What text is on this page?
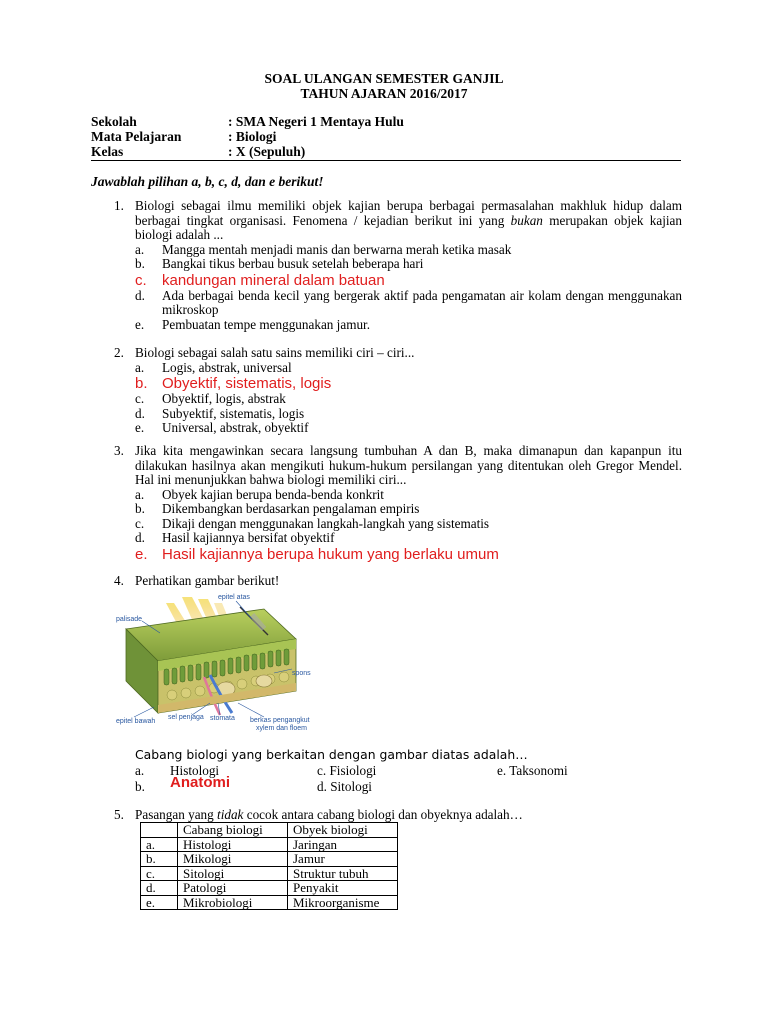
SOAL ULANGAN SEMESTER GANJIL
TAHUN AJARAN 2016/2017
Sekolah	: SMA Negeri 1 Mentaya Hulu
Mata Pelajaran	: Biologi
Kelas	: X (Sepuluh)
Jawablah pilihan a, b, c, d, dan e berikut!
1. Biologi sebagai ilmu memiliki objek kajian berupa berbagai permasalahan makhluk hidup dalam berbagai tingkat organisasi. Fenomena / kejadian berikut ini yang bukan merupakan objek kajian biologi adalah ...
a. Mangga mentah menjadi manis dan berwarna merah ketika masak
b. Bangkai tikus berbau busuk setelah beberapa hari
c.	kandungan mineral dalam batuan
d. Ada berbagai benda kecil yang bergerak aktif pada pengamatan air kolam dengan menggunakan mikroskop
e. Pembuatan tempe menggunakan jamur.
2. Biologi sebagai salah satu sains memiliki ciri – ciri...
a. Logis, abstrak, universal
b. Obyektif, sistematis, logis
c. Obyektif, logis, abstrak
d. Subyektif, sistematis, logis
e. Universal, abstrak, obyektif
3. Jika kita mengawinkan secara langsung tumbuhan A dan B, maka dimanapun dan kapanpun itu dilakukan hasilnya akan mengikuti hukum-hukum persilangan yang ditentukan oleh Gregor Mendel. Hal ini menunjukkan bahwa biologi memiliki ciri...
a. Obyek kajian berupa benda-benda konkrit
b. Dikembangkan berdasarkan pengalaman empiris
c. Dikaji dengan menggunakan langkah-langkah yang sistematis
d. Hasil kajiannya bersifat obyektif
e. Hasil kajiannya berupa hukum yang berlaku umum
4. Perhatikan gambar berikut!
epitel atas
palisade
spons
sel penjaga stomata
epitel bawah	berkas pengangkut
xylem dan floem
Cabang biologi yang berkaitan dengan gambar diatas adalah…
a. Histologi	c. Fisiologi	e. Taksonomi
b. Anatomi	d. Sitologi
5. Pasangan yang tidak cocok antara cabang biologi dan obyeknya adalah…
	Cabang biologi	Obyek biologi
a.	Histologi	Jaringan
b.	Mikologi	Jamur
c.	Sitologi	Struktur tubuh
d.	Patologi	Penyakit
e.	Mikrobiologi	Mikroorganisme
